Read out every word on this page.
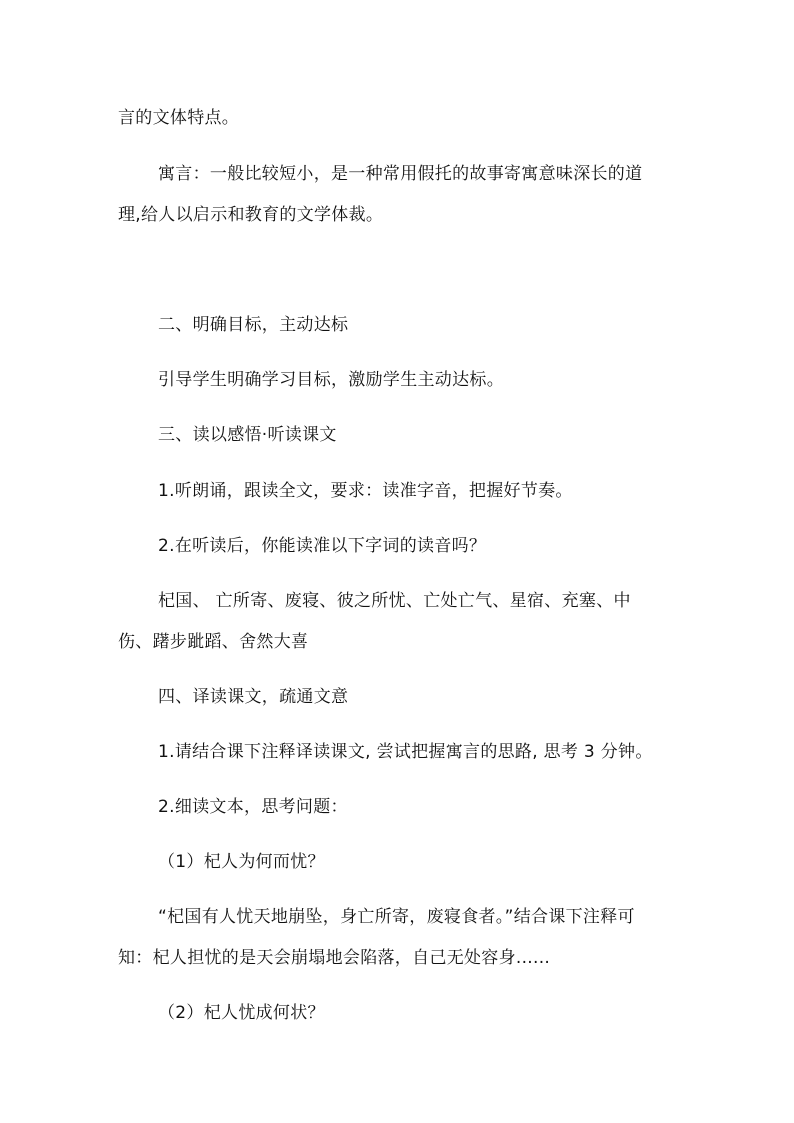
言的文体特点。
寓言：一般比较短小，是一种常用假托的故事寄寓意味深长的道
理,给人以启示和教育的文学体裁。
二、明确目标，主动达标
引导学生明确学习目标，激励学生主动达标。
三、读以感悟·听读课文
1.听朗诵，跟读全文，要求：读准字音，把握好节奏。
2.在听读后，你能读准以下字词的读音吗？
杞国、 亡所寄、废寝、彼之所忧、亡处亡气、星宿、充塞、中
伤、躇步跐蹈、舍然大喜
四、译读课文，疏通文意
1.请结合课下注释译读课文, 尝试把握寓言的思路, 思考 3 分钟。
2.细读文本，思考问题：
（1）杞人为何而忧？
“杞国有人忧天地崩坠，身亡所寄，废寝食者。”结合课下注释可
知：杞人担忧的是天会崩塌地会陷落，自己无处容身......
（2）杞人忧成何状？
